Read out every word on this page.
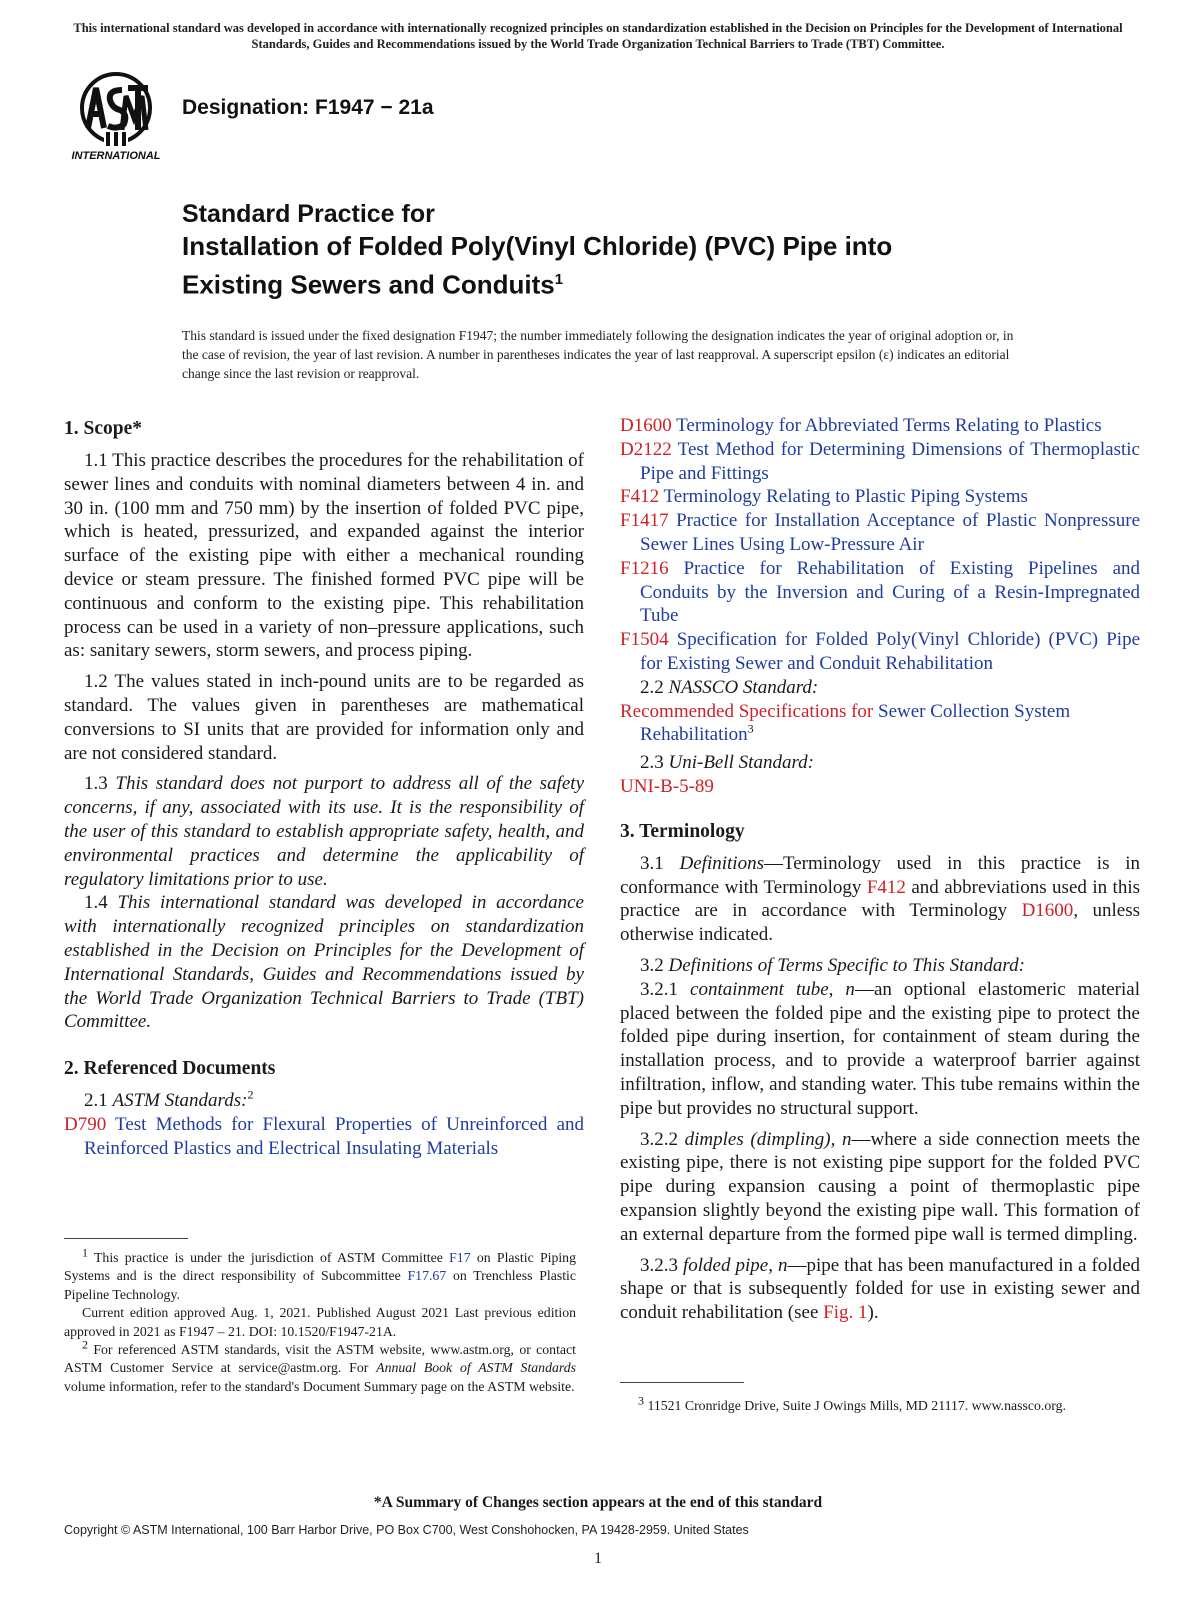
This international standard was developed in accordance with internationally recognized principles on standardization established in the Decision on Principles for the Development of International Standards, Guides and Recommendations issued by the World Trade Organization Technical Barriers to Trade (TBT) Committee.
INTERNATIONAL
Designation: F1947 − 21a
Standard Practice for
Installation of Folded Poly(Vinyl Chloride) (PVC) Pipe into
Existing Sewers and Conduits$^1$
This standard is issued under the fixed designation F1947; the number immediately following the designation indicates the year of original adoption or, in the case of revision, the year of last revision. A number in parentheses indicates the year of last reapproval. A superscript epsilon (ε) indicates an editorial change since the last revision or reapproval.
1. Scope*

1.1 This practice describes the procedures for the rehabilitation of sewer lines and conduits with nominal diameters between 4 in. and 30 in. (100 mm and 750 mm) by the insertion of folded PVC pipe, which is heated, pressurized, and expanded against the interior surface of the existing pipe with either a mechanical rounding device or steam pressure. The finished formed PVC pipe will be continuous and conform to the existing pipe. This rehabilitation process can be used in a variety of non–pressure applications, such as: sanitary sewers, storm sewers, and process piping.

1.2 The values stated in inch-pound units are to be regarded as standard. The values given in parentheses are mathematical conversions to SI units that are provided for information only and are not considered standard.

1.3 This standard does not purport to address all of the safety concerns, if any, associated with its use. It is the responsibility of the user of this standard to establish appropriate safety, health, and environmental practices and determine the applicability of regulatory limitations prior to use.

1.4 This international standard was developed in accordance with internationally recognized principles on standardization established in the Decision on Principles for the Development of International Standards, Guides and Recommendations issued by the World Trade Organization Technical Barriers to Trade (TBT) Committee.

2. Referenced Documents

2.1 ASTM Standards:$^2$

D790 Test Methods for Flexural Properties of Unreinforced and Reinforced Plastics and Electrical Insulating Materials

$^1$ This practice is under the jurisdiction of ASTM Committee F17 on Plastic Piping Systems and is the direct responsibility of Subcommittee F17.67 on Trenchless Plastic Pipeline Technology.

Current edition approved Aug. 1, 2021. Published August 2021 Last previous edition approved in 2021 as F1947 – 21. DOI: 10.1520/F1947-21A.

$^2$ For referenced ASTM standards, visit the ASTM website, www.astm.org, or contact ASTM Customer Service at service@astm.org. For Annual Book of ASTM Standards volume information, refer to the standard's Document Summary page on the ASTM website.

D1600 Terminology for Abbreviated Terms Relating to Plastics

D2122 Test Method for Determining Dimensions of Thermoplastic Pipe and Fittings

F412 Terminology Relating to Plastic Piping Systems

F1417 Practice for Installation Acceptance of Plastic Nonpressure Sewer Lines Using Low-Pressure Air

F1216 Practice for Rehabilitation of Existing Pipelines and Conduits by the Inversion and Curing of a Resin-Impregnated Tube

F1504 Specification for Folded Poly(Vinyl Chloride) (PVC) Pipe for Existing Sewer and Conduit Rehabilitation

2.2 NASSCO Standard:

Recommended Specifications for Sewer Collection System Rehabilitation$^3$

2.3 Uni-Bell Standard:

UNI-B-5-89

3. Terminology

3.1 Definitions—Terminology used in this practice is in conformance with Terminology F412 and abbreviations used in this practice are in accordance with Terminology D1600, unless otherwise indicated.

3.2 Definitions of Terms Specific to This Standard:

3.2.1 containment tube, n—an optional elastomeric material placed between the folded pipe and the existing pipe to protect the folded pipe during insertion, for containment of steam during the installation process, and to provide a waterproof barrier against infiltration, inflow, and standing water. This tube remains within the pipe but provides no structural support.

3.2.2 dimples (dimpling), n—where a side connection meets the existing pipe, there is not existing pipe support for the folded PVC pipe during expansion causing a point of thermoplastic pipe expansion slightly beyond the existing pipe wall. This formation of an external departure from the formed pipe wall is termed dimpling.

3.2.3 folded pipe, n—pipe that has been manufactured in a folded shape or that is subsequently folded for use in existing sewer and conduit rehabilitation (see Fig. 1).

$^3$ 11521 Cronridge Drive, Suite J Owings Mills, MD 21117. www.nassco.org.

*A Summary of Changes section appears at the end of this standard
Copyright © ASTM International, 100 Barr Harbor Drive, PO Box C700, West Conshohocken, PA 19428-2959. United States
1
